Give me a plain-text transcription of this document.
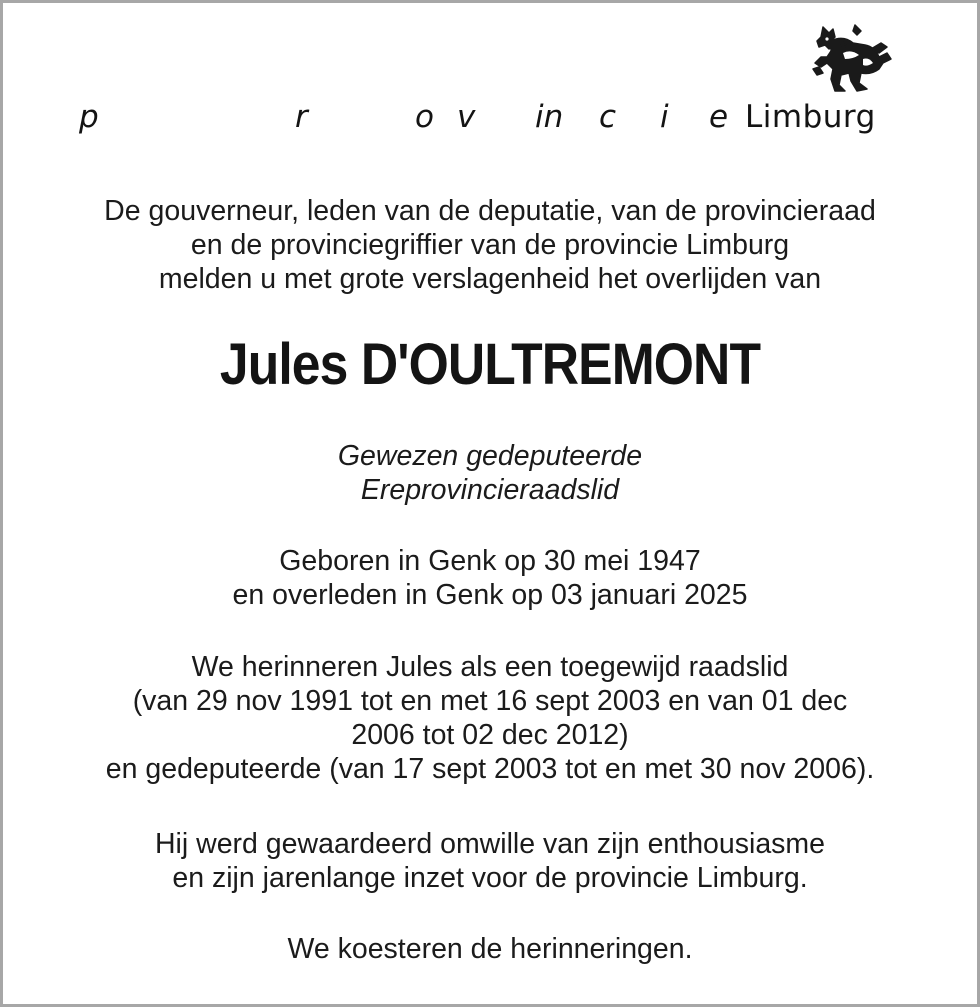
p	r	o v in c i e Limburg
De gouverneur, leden van de deputatie, van de provincieraad
en de provinciegriffier van de provincie Limburg
melden u met grote verslagenheid het overlijden van
Jules D'OULTREMONT
Gewezen gedeputeerde
Ereprovincieraadslid
Geboren in Genk op 30 mei 1947
en overleden in Genk op 03 januari 2025
We herinneren Jules als een toegewijd raadslid
(van 29 nov 1991 tot en met 16 sept 2003 en van 01 dec
2006 tot 02 dec 2012)
en gedeputeerde (van 17 sept 2003 tot en met 30 nov 2006).
Hij werd gewaardeerd omwille van zijn enthousiasme
en zijn jarenlange inzet voor de provincie Limburg.
We koesteren de herinneringen.
